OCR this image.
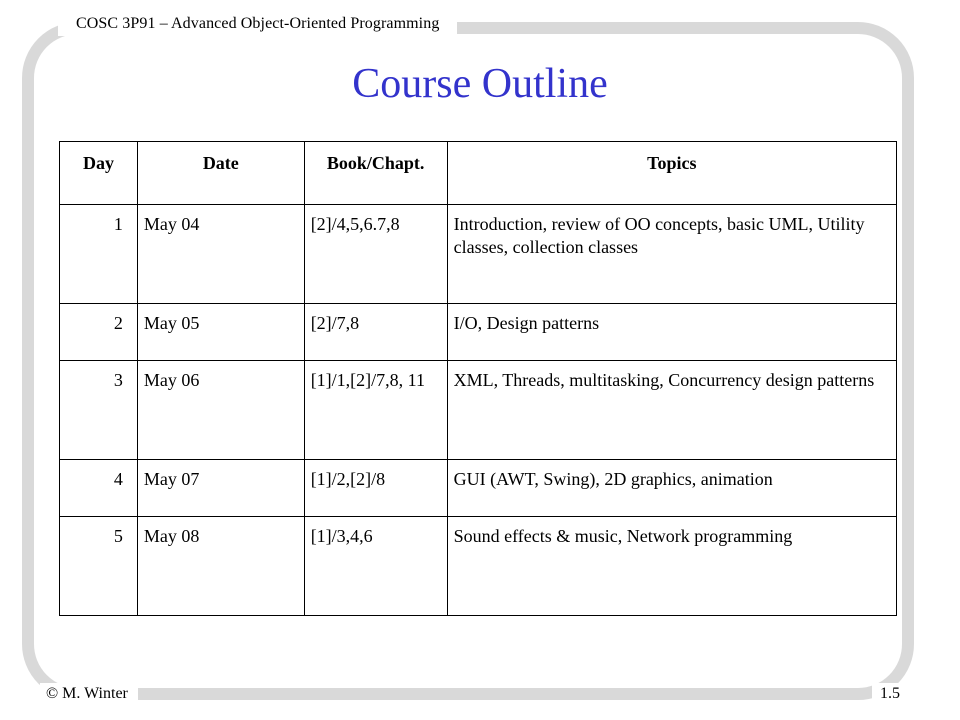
COSC 3P91 – Advanced Object-Oriented Programming
Course Outline
Day	Date	Book/Chapt.	Topics
1	May 04	[2]/4,5,6.7,8	Introduction, review of OO concepts, basic UML, Utility classes, collection classes
2	May 05	[2]/7,8	I/O, Design patterns
3	May 06	[1]/1,[2]/7,8, 11	XML, Threads, multitasking, Concurrency design patterns
4	May 07	[1]/2,[2]/8	GUI (AWT, Swing), 2D graphics, animation
5	May 08	[1]/3,4,6	Sound effects & music, Network programming
© M. Winter	1.5
